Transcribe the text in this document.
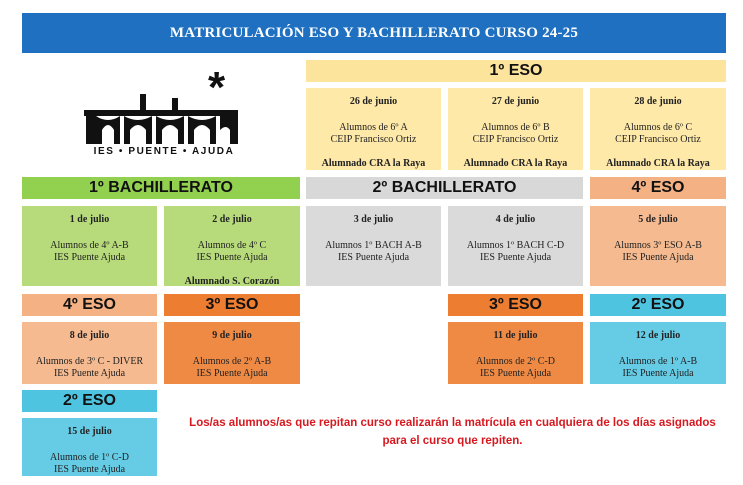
MATRICULACIÓN ESO Y BACHILLERATO CURSO 24-25
*
IES • PUENTE • AJUDA
1º ESO
26 de junio
Alumnos de 6º A
CEIP Francisco Ortiz
Alumnado CRA la Raya
27 de junio
Alumnos de 6º B
CEIP Francisco Ortiz
Alumnado CRA la Raya
28 de junio
Alumnos de 6º C
CEIP Francisco Ortiz
Alumnado CRA la Raya
1º BACHILLERATO	2º BACHILLERATO	4º ESO
1 de julio
Alumnos de 4º A-B
IES Puente Ajuda
2 de julio
Alumnos de 4º C
IES Puente Ajuda
Alumnado S. Corazón
3 de julio
Alumnos 1º BACH A-B
IES Puente Ajuda
4 de julio
Alumnos 1º BACH C-D
IES Puente Ajuda
5 de julio
Alumnos 3º ESO A-B
IES Puente Ajuda
4º ESO	3º ESO	3º ESO	2º ESO
8 de julio
Alumnos de 3º C - DIVER
IES Puente Ajuda
9 de julio
Alumnos de 2º A-B
IES Puente Ajuda
11 de julio
Alumnos de 2º C-D
IES Puente Ajuda
12 de julio
Alumnos de 1º A-B
IES Puente Ajuda
2º ESO
15 de julio
Alumnos de 1º C-D
IES Puente Ajuda
Los/as alumnos/as que repitan curso realizarán la matrícula en cualquiera de los días asignados para el curso que repiten.
